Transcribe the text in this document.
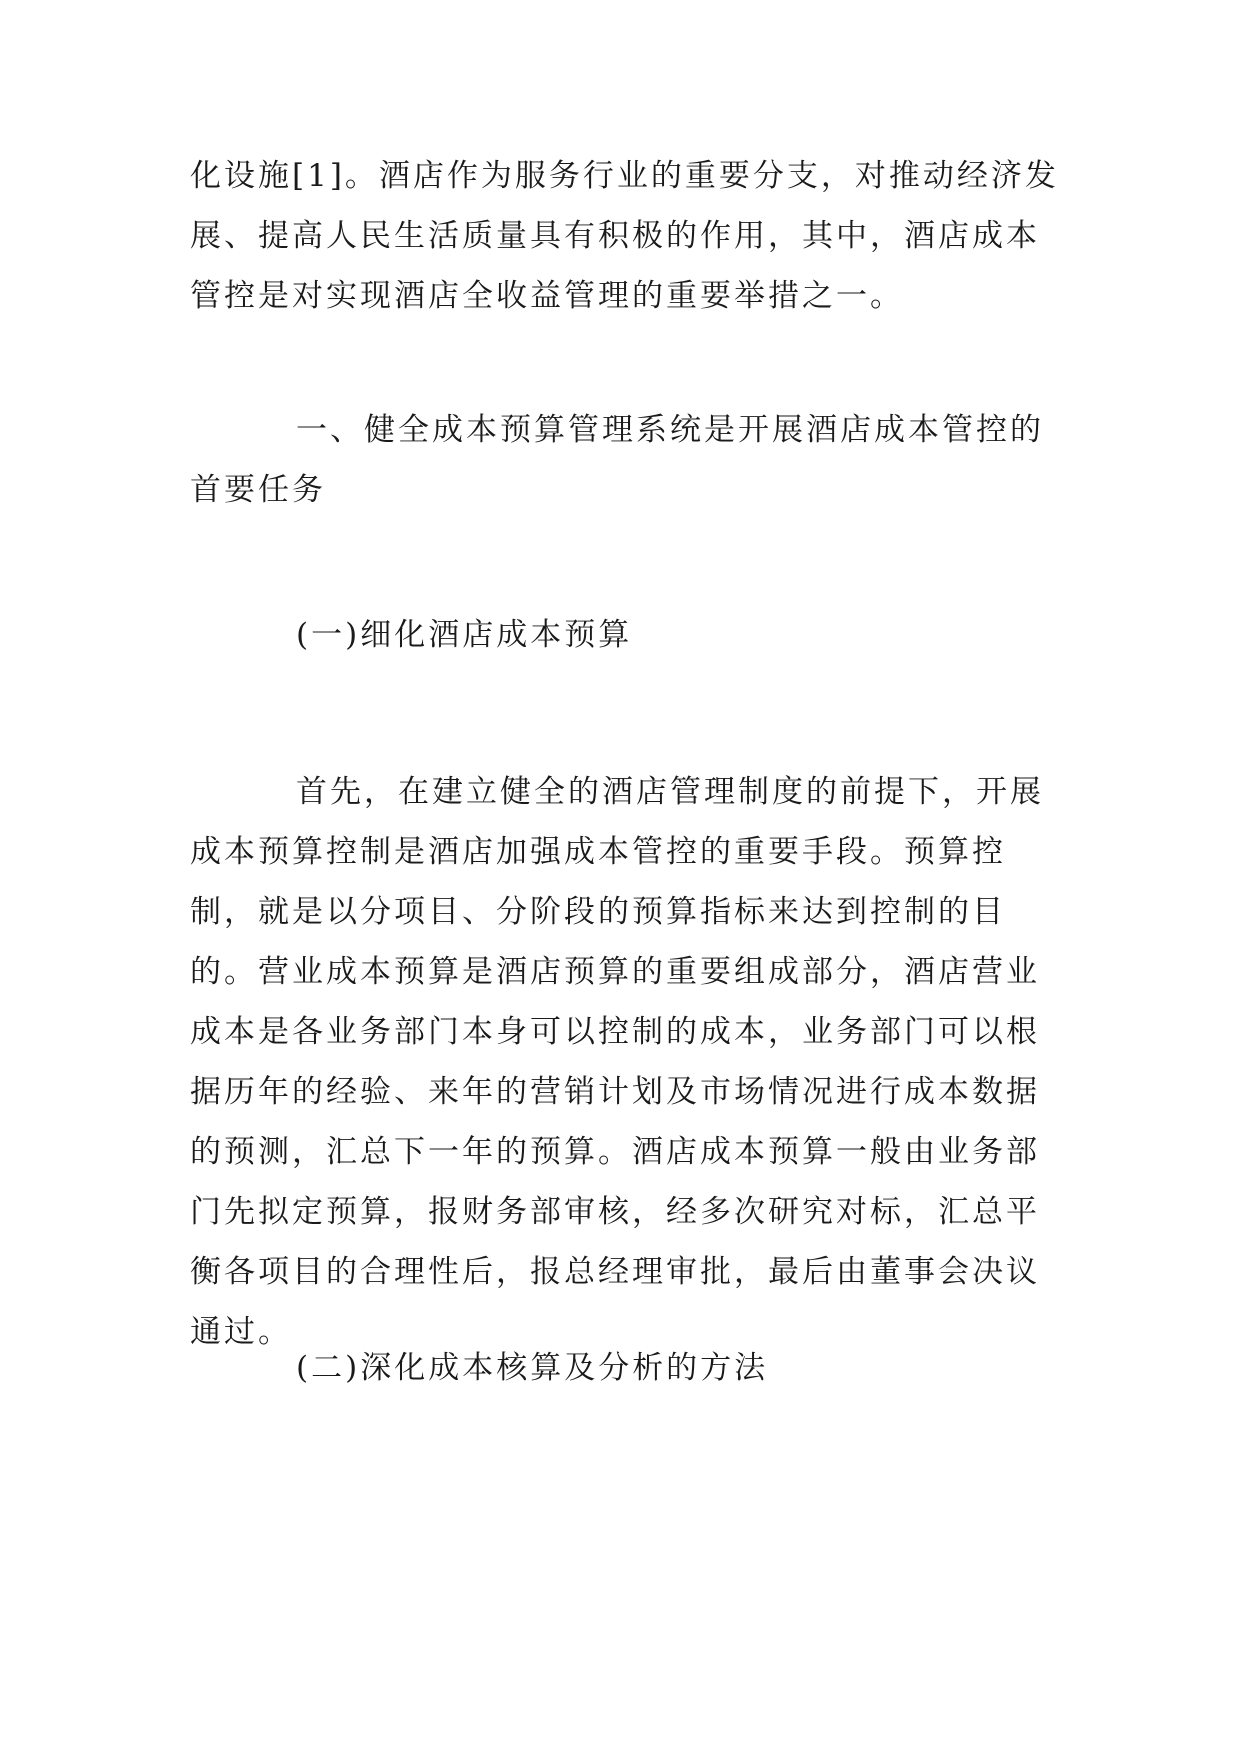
化设施[1]。酒店作为服务行业的重要分支，对推动经济发展、提高人民生活质量具有积极的作用，其中，酒店成本管控是对实现酒店全收益管理的重要举措之一。

一、健全成本预算管理系统是开展酒店成本管控的首要任务

(一)细化酒店成本预算

首先，在建立健全的酒店管理制度的前提下，开展成本预算控制是酒店加强成本管控的重要手段。预算控制，就是以分项目、分阶段的预算指标来达到控制的目的。营业成本预算是酒店预算的重要组成部分，酒店营业成本是各业务部门本身可以控制的成本，业务部门可以根据历年的经验、来年的营销计划及市场情况进行成本数据的预测，汇总下一年的预算。酒店成本预算一般由业务部门先拟定预算，报财务部审核，经多次研究对标，汇总平衡各项目的合理性后，报总经理审批，最后由董事会决议通过。

(二)深化成本核算及分析的方法
